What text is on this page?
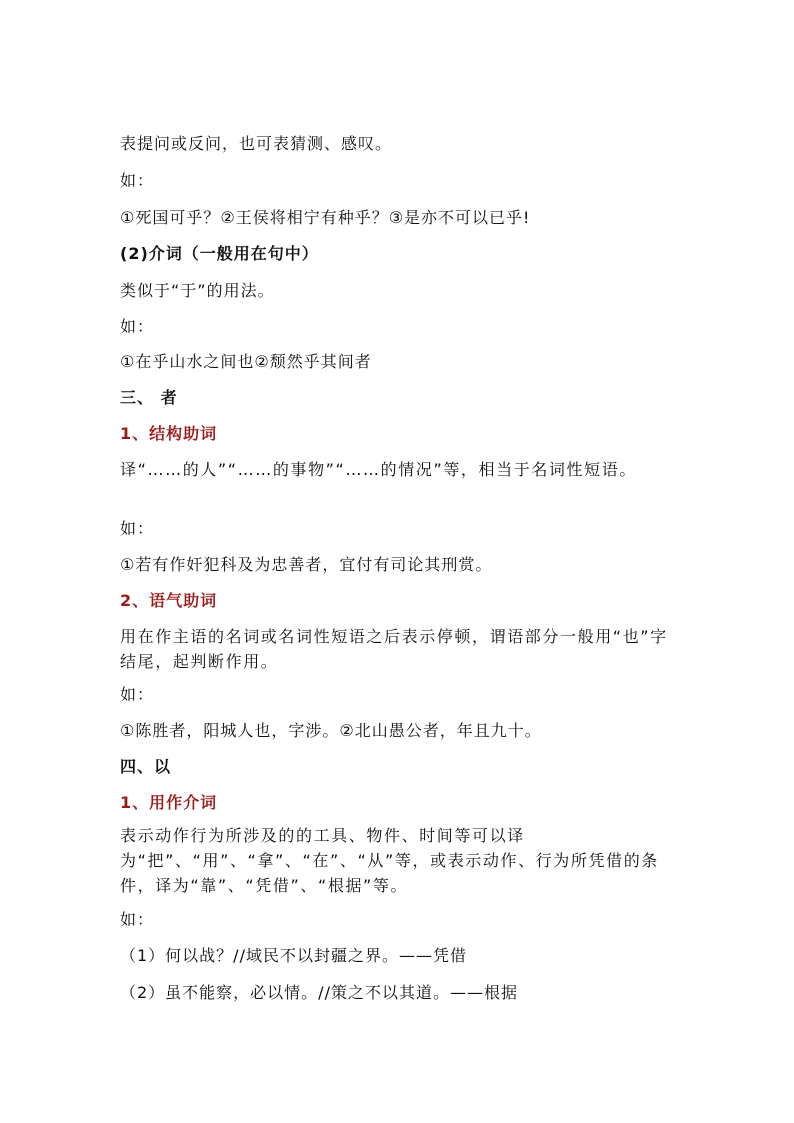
表提问或反问，也可表猜测、感叹。
如：
①死国可乎？②王侯将相宁有种乎？③是亦不可以已乎!
(2)介词（一般用在句中）
类似于“于”的用法。
如：
①在乎山水之间也②颓然乎其间者
三、 者
1、结构助词
译“……的人”“……的事物”“……的情况”等，相当于名词性短语。
如：
①若有作奸犯科及为忠善者，宜付有司论其刑赏。
2、语气助词
用在作主语的名词或名词性短语之后表示停顿，谓语部分一般用“也”字结尾，起判断作用。
如：
①陈胜者，阳城人也，字涉。②北山愚公者，年且九十。
四、以
1、用作介词
表示动作行为所涉及的的工具、物件、时间等可以译为“把”、“用”、“拿”、“在”、“从”等，或表示动作、行为所凭借的条件，译为“靠”、“凭借”、“根据”等。
如：
（1）何以战？//域民不以封疆之界。——凭借
（2）虽不能察，必以情。//策之不以其道。——根据
